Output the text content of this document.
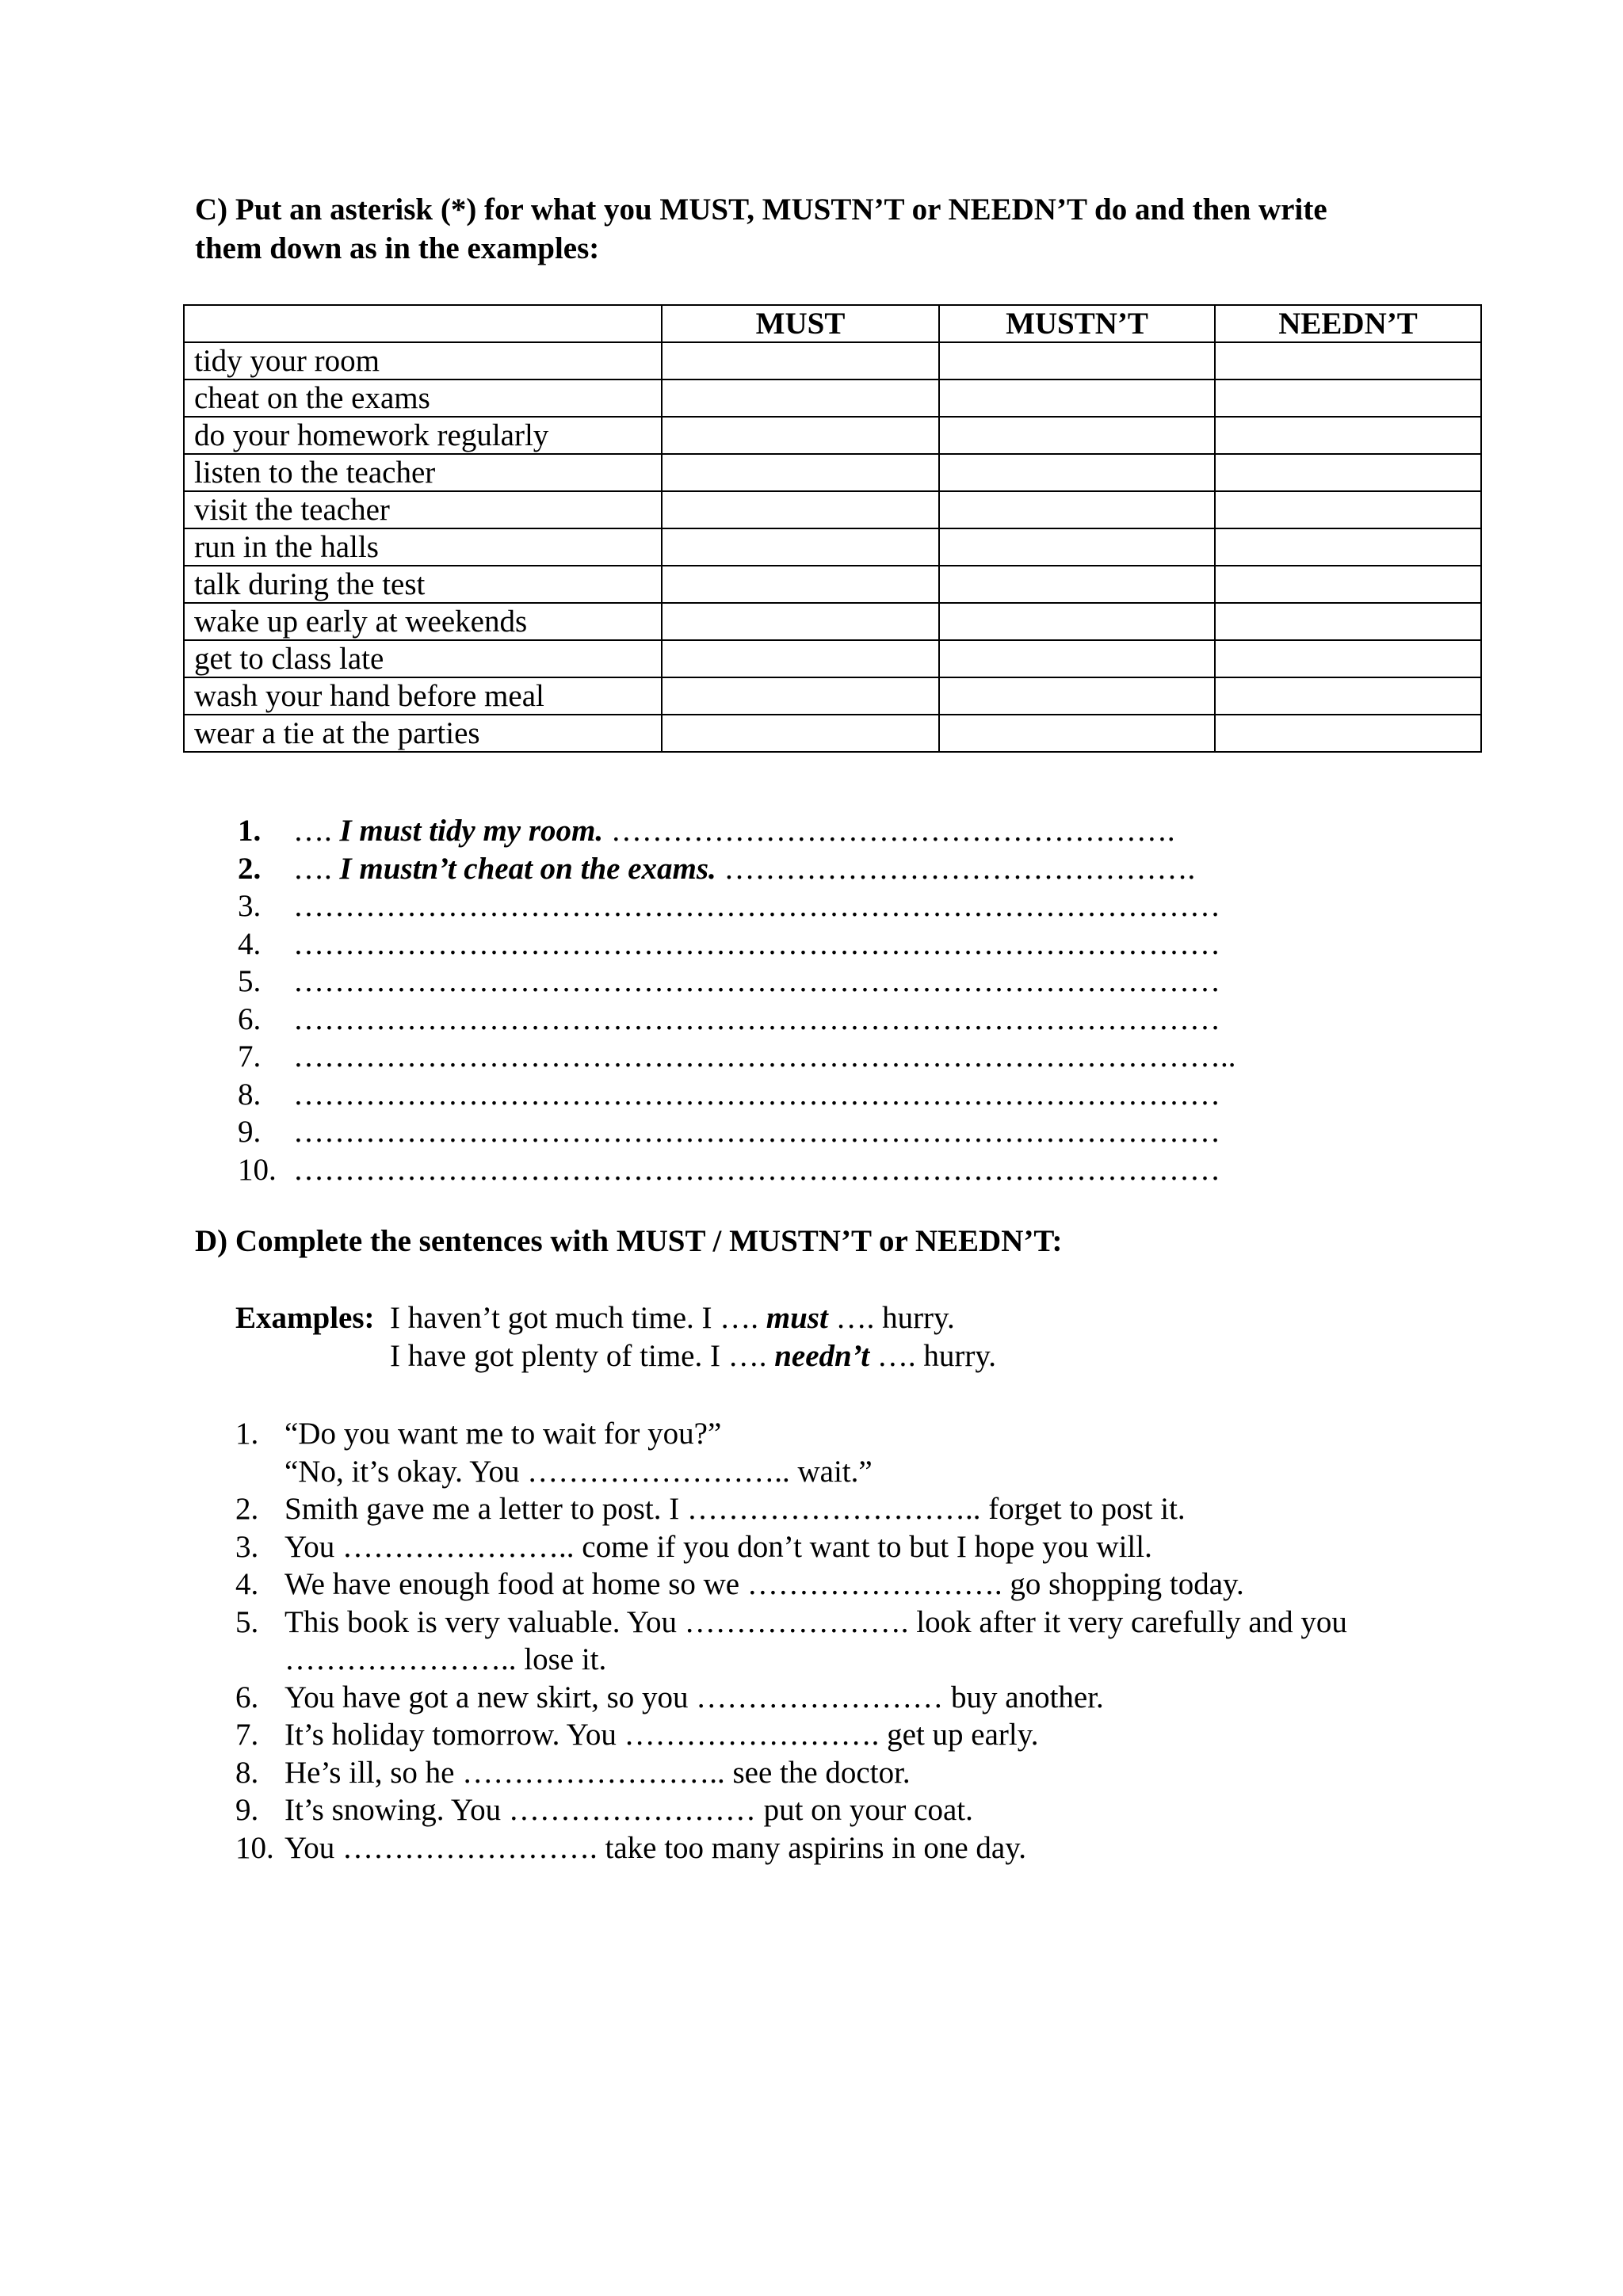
C) Put an asterisk (*) for what you MUST, MUSTN’T or NEEDN’T do and then write
them down as in the examples:
	MUST	MUSTN’T	NEEDN’T
tidy your room			
cheat on the exams			
do your homework regularly			
listen to the teacher			
visit the teacher			
run in the halls			
talk during the test			
wake up early at weekends			
get to class late			
wash your hand before meal			
wear a tie at the parties			
1. …. I must tidy my room. ……………………………………………….
2. …. I mustn’t cheat on the exams. ……………………………………….
3. ………………………………………………………………………………
4. ………………………………………………………………………………
5. ………………………………………………………………………………
6. ………………………………………………………………………………
7. ………………………………………………………………………………..
8. ………………………………………………………………………………
9. ………………………………………………………………………………
10. ………………………………………………………………………………
D) Complete the sentences with MUST / MUSTN’T or NEEDN’T:
Examples: I haven’t got much time. I …. must …. hurry.
I have got plenty of time. I …. needn’t …. hurry.
1. “Do you want me to wait for you?”
“No, it’s okay. You …………………….. wait.”
2. Smith gave me a letter to post. I ……………………….. forget to post it.
3. You ………………….. come if you don’t want to but I hope you will.
4. We have enough food at home so we ……………………. go shopping today.
5. This book is very valuable. You …………………. look after it very carefully and you
………………….. lose it.
6. You have got a new skirt, so you …………………… buy another.
7. It’s holiday tomorrow. You ……………………. get up early.
8. He’s ill, so he …………………….. see the doctor.
9. It’s snowing. You …………………… put on your coat.
10. You ……………………. take too many aspirins in one day.
